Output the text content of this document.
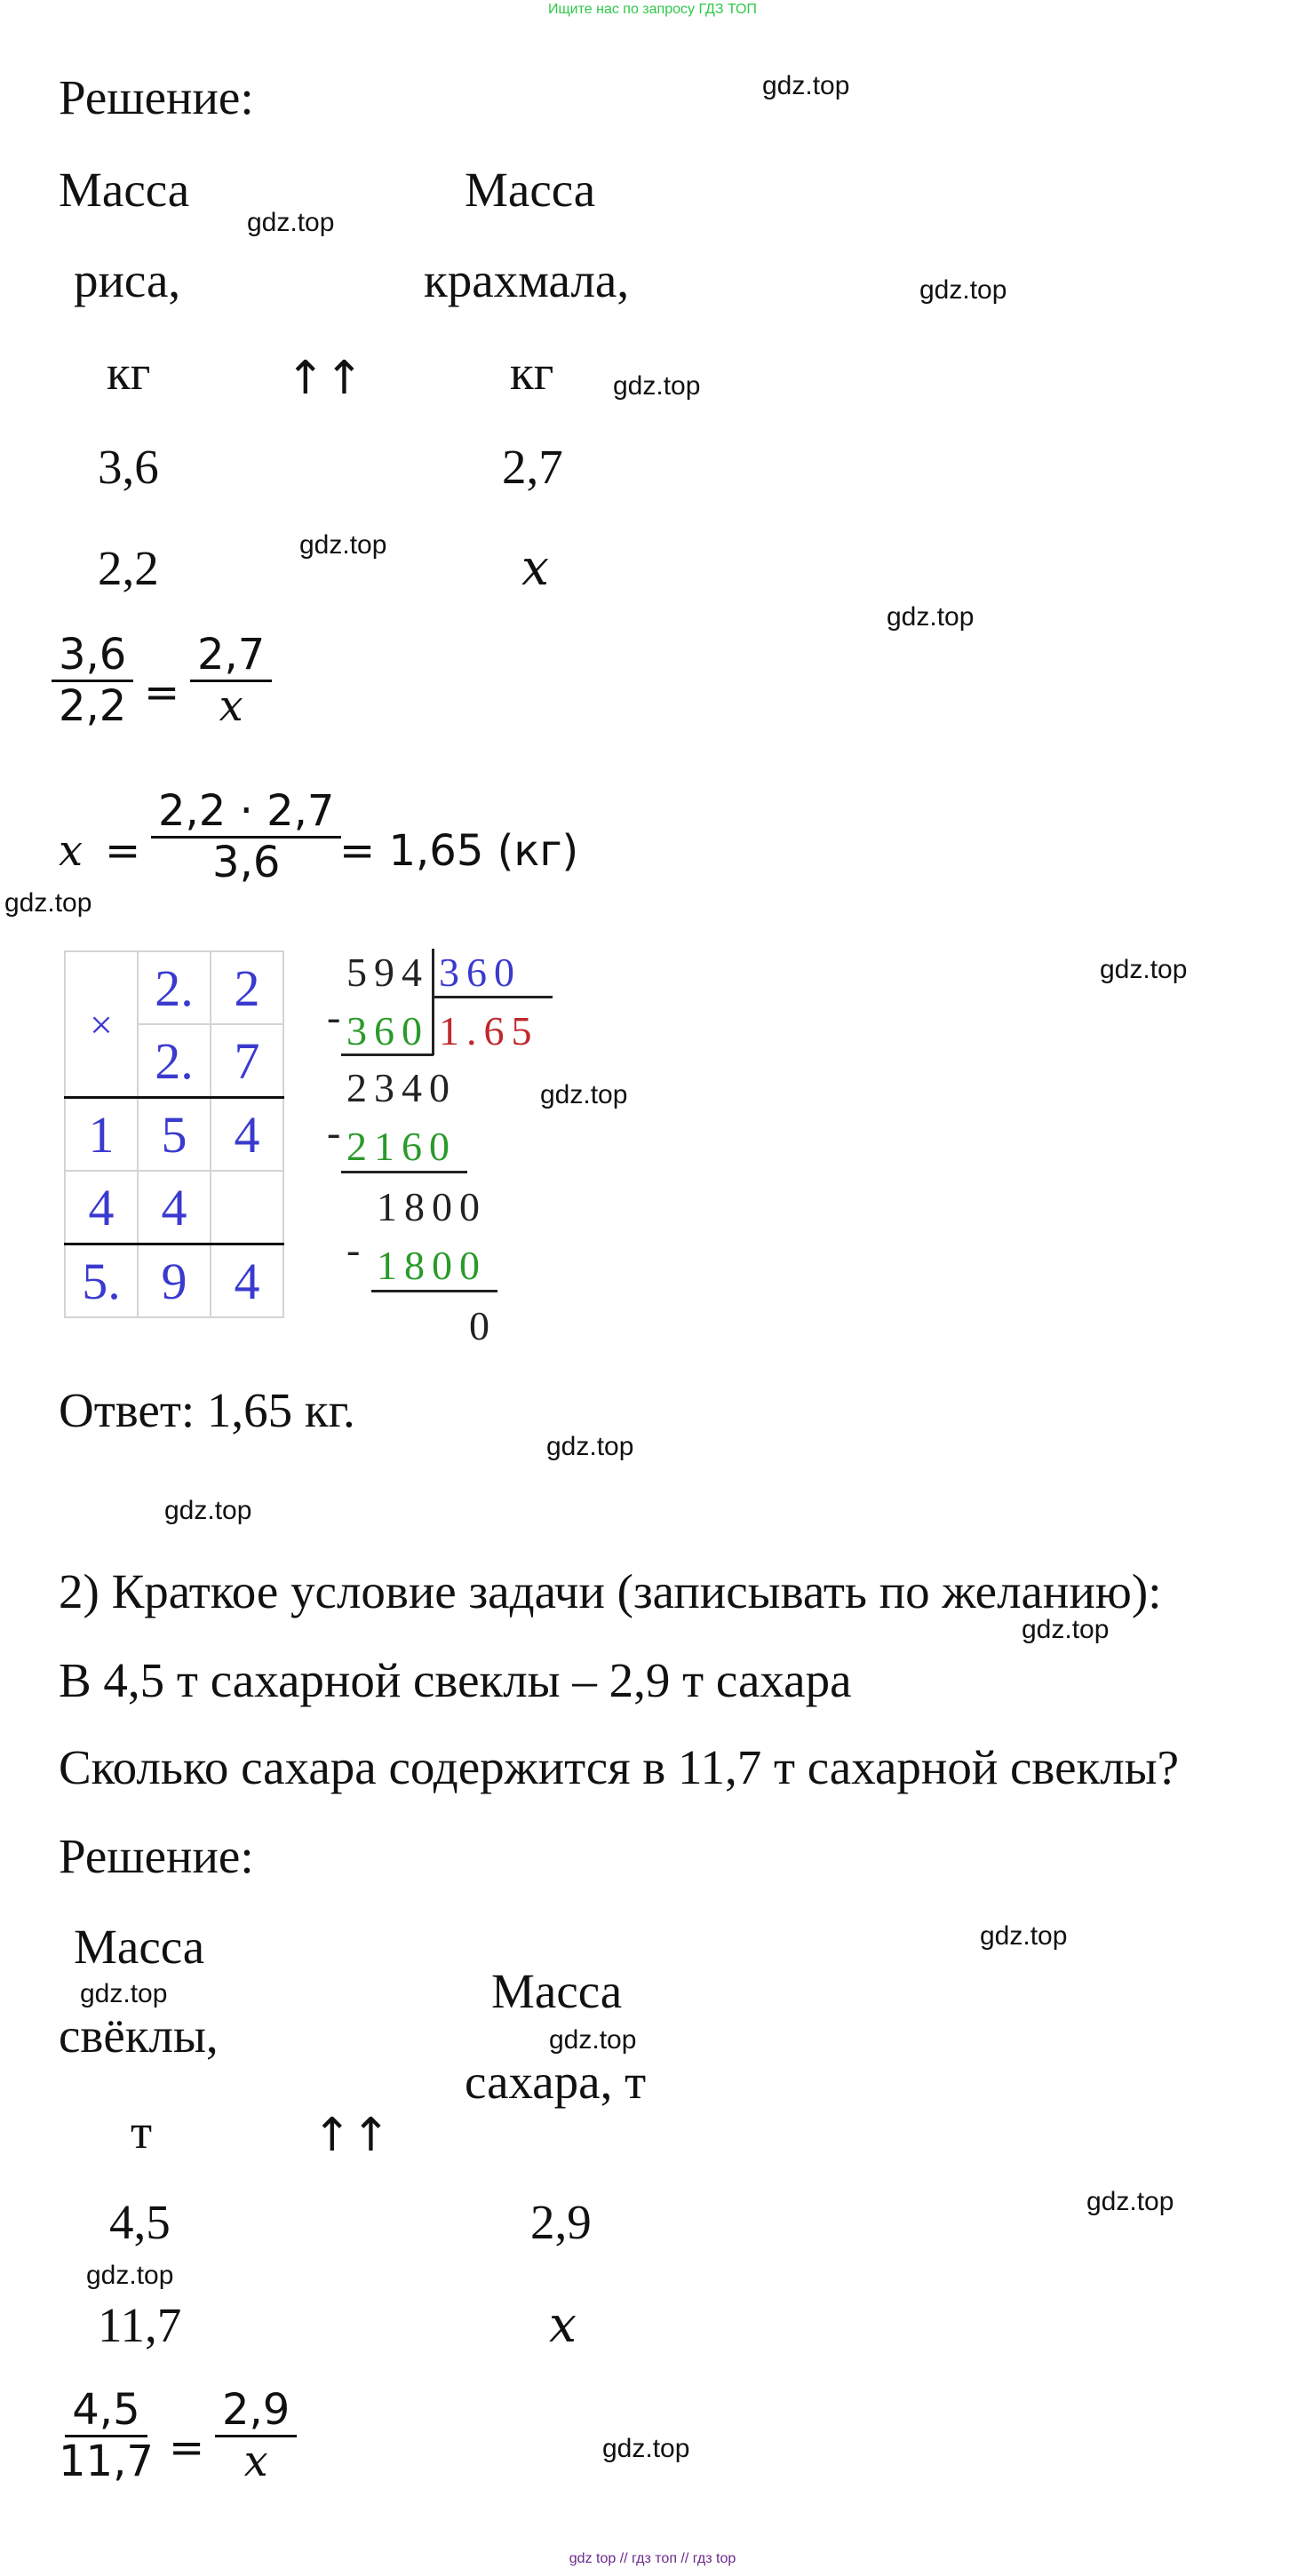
Ищите нас по запросу ГДЗ ТОП
gdz top // гдз топ // гдз top
gdz.top
gdz.top
gdz.top
gdz.top
gdz.top
gdz.top
gdz.top
gdz.top
gdz.top
gdz.top
gdz.top
gdz.top
gdz.top
gdz.top
gdz.top
gdz.top
gdz.top
gdz.top
Решение:
Масса
риса,
кг
Масса
крахмала,
кг
↑↑
3,6	2,7
2,2	x
$\frac{3,6}{2,2} = \frac{2,7}{x}$
$x = \frac{2,2 \cdot 2,7}{3,6}$
= 1,65 (кг)
×	2.	2
	2.	7
1	5	4
4	4	
5.	9	4
594 360
1.65
-
360
2340
-
2160
1800
- 1800
0
Ответ: 1,65 кг.
2) Краткое условие задачи (записывать по желанию):
В 4,5 т сахарной свеклы – 2,9 т сахара
Сколько сахара содержится в 11,7 т сахарной свеклы?
Решение:
Масса
свёклы,
т
Масса
сахара, т
↑↑
4,5	2,9
11,7	x
$\frac{4,5}{11,7} = \frac{2,9}{x}$
